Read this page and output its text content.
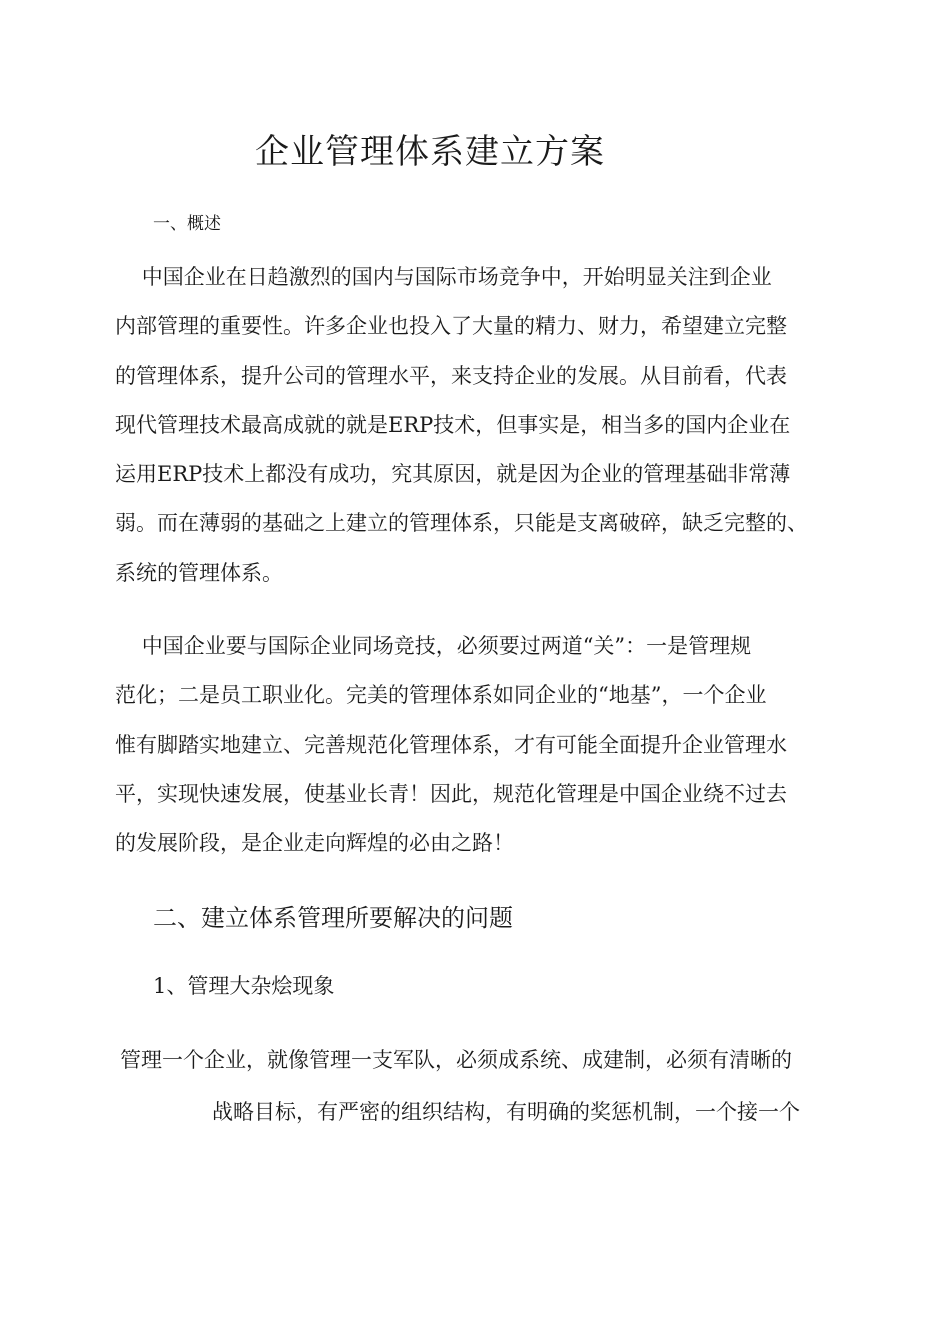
企业管理体系建立方案
一、概述
中国企业在日趋激烈的国内与国际市场竞争中，开始明显关注到企业
内部管理的重要性。许多企业也投入了大量的精力、财力，希望建立完整
的管理体系，提升公司的管理水平，来支持企业的发展。从目前看，代表
现代管理技术最高成就的就是ERP技术，但事实是，相当多的国内企业在
运用ERP技术上都没有成功，究其原因，就是因为企业的管理基础非常薄
弱。而在薄弱的基础之上建立的管理体系，只能是支离破碎，缺乏完整的、
系统的管理体系。
中国企业要与国际企业同场竞技，必须要过两道“关”：一是管理规
范化；二是员工职业化。完美的管理体系如同企业的“地基”，一个企业
惟有脚踏实地建立、完善规范化管理体系，才有可能全面提升企业管理水
平，实现快速发展，使基业长青！因此，规范化管理是中国企业绕不过去
的发展阶段，是企业走向辉煌的必由之路！
二、建立体系管理所要解决的问题
1、管理大杂烩现象
管理一个企业，就像管理一支军队，必须成系统、成建制，必须有清晰的
战略目标，有严密的组织结构，有明确的奖惩机制，一个接一个
